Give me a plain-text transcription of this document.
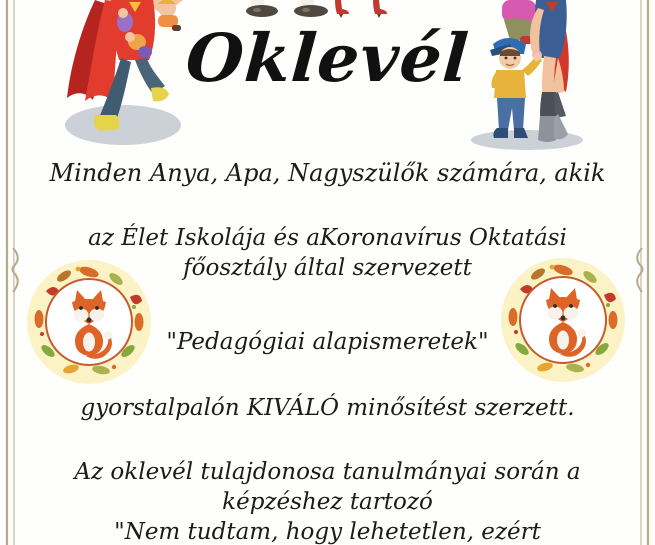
Oklevél
Minden Anya, Apa, Nagyszülők számára, akik
az Élet Iskolája és aKoronavírus Oktatási
főosztály által szervezett
"Pedagógiai alapismeretek"
gyorstalpalón KIVÁLÓ minősítést szerzett.
Az oklevél tulajdonosa tanulmányai során a
képzéshez tartozó
"Nem tudtam, hogy lehetetlen, ezért
